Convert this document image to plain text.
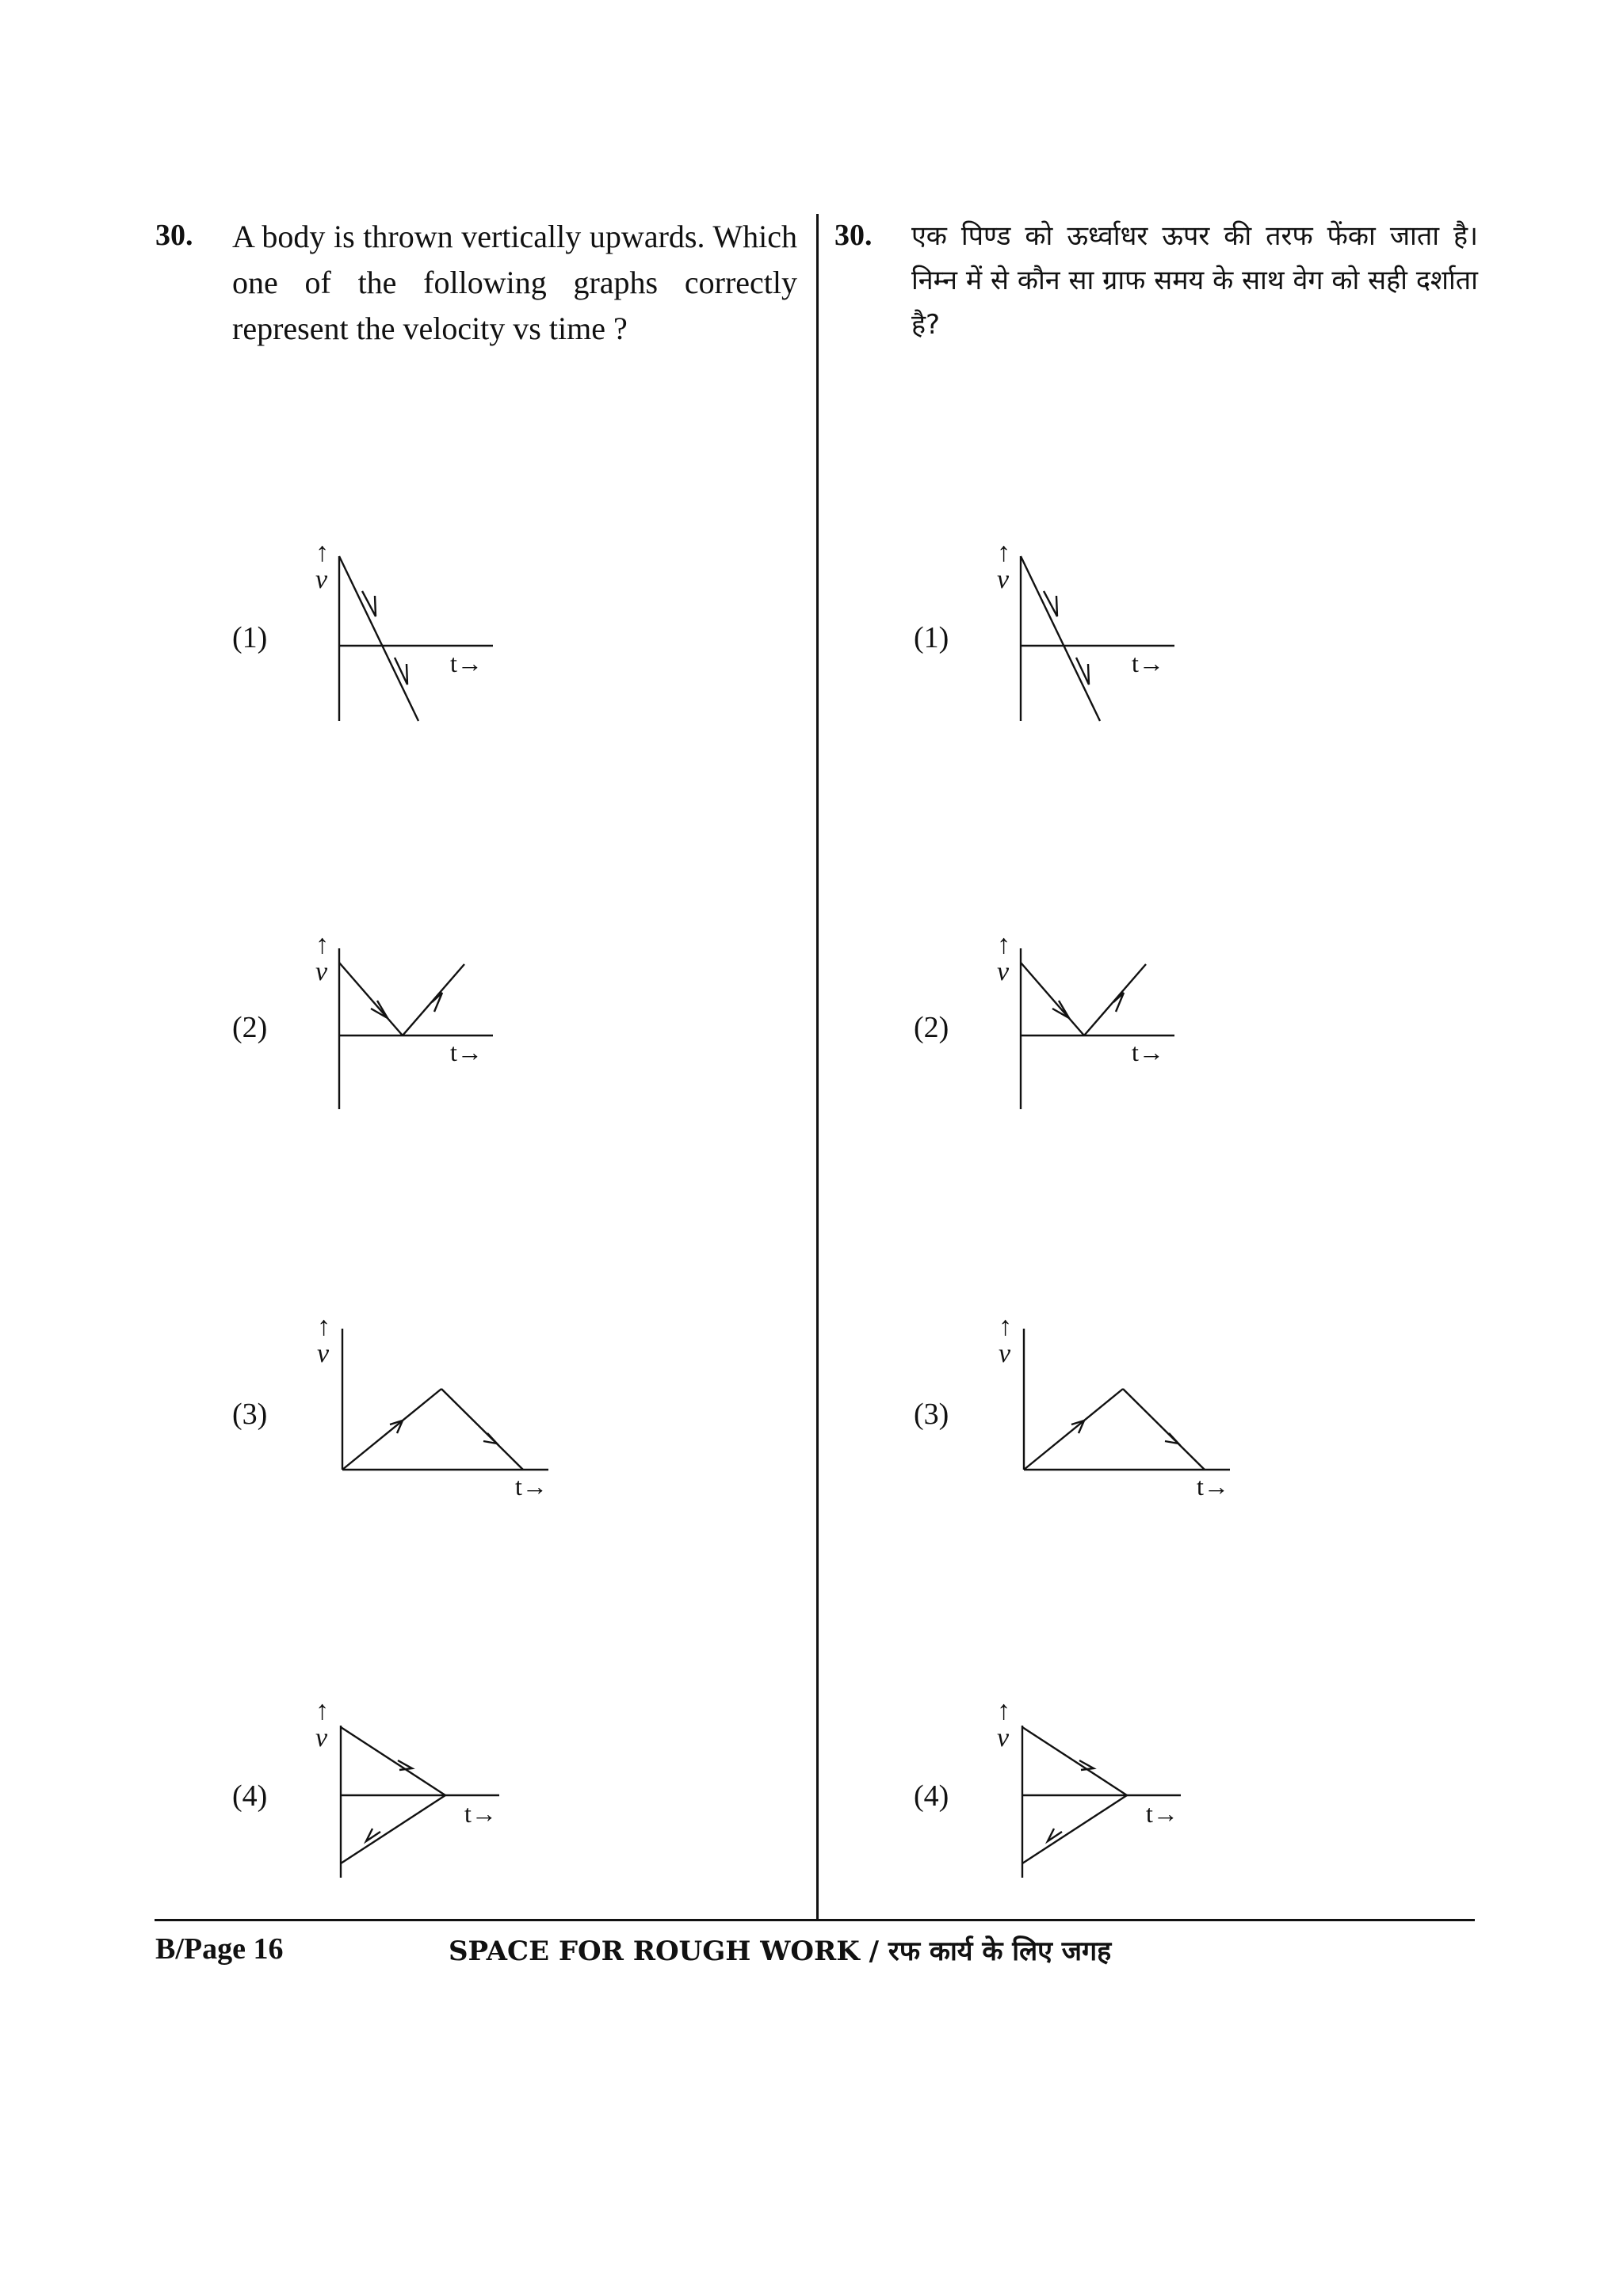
30. A body is thrown vertically upwards. Which one of the following graphs correctly represent the velocity vs time ?
30. एक पिण्ड को ऊर्ध्वाधर ऊपर की तरफ फेंका जाता है। निम्न में से कौन सा ग्राफ समय के साथ वेग को सही दर्शाता है?
(1)
↑
v
t→
(2)
↑
v
t→
(3)
↑
v
t→
(4)
↑
v
t→
(1)
↑
v
t→
(2)
↑
v
t→
(3)
↑
v
t→
(4)
↑
v
t→
B/Page 16	SPACE FOR ROUGH WORK / रफ कार्य के लिए जगह
